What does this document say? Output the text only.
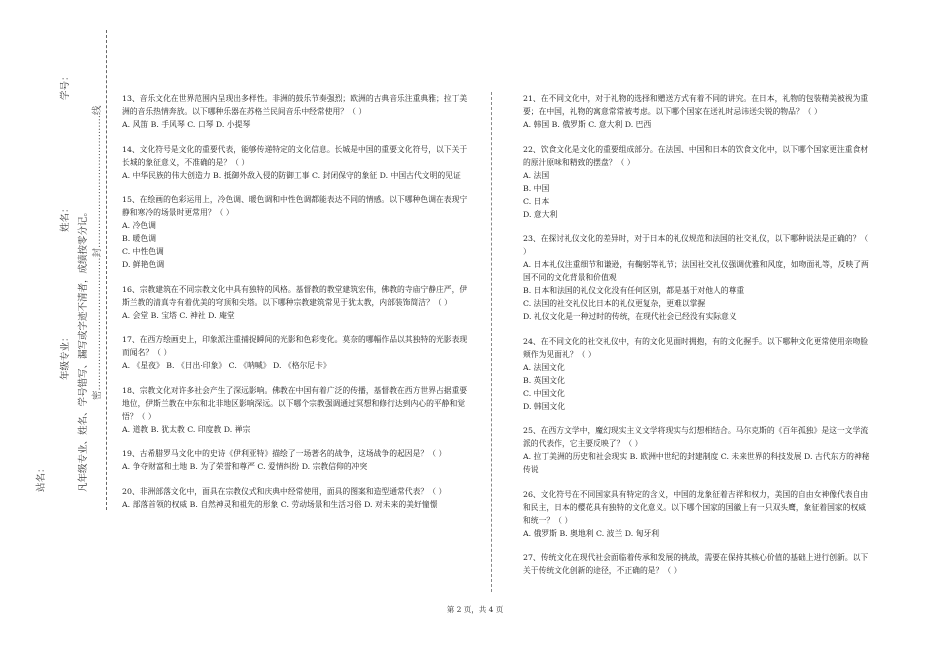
站名：
年级专业：
姓名：
学号：
凡年级专业、姓名、学号错写、漏写或字迹不清者，成绩按零分记。 密……………………………………封……………………………………线

13、音乐文化在世界范围内呈现出多样性。非洲的鼓乐节奏强烈；欧洲的古典音乐注重典雅；拉丁美洲的音乐热情奔放。以下哪种乐器在苏格兰民间音乐中经常使用？（ ）

A. 风笛 B. 手风琴 C. 口琴 D. 小提琴

14、文化符号是文化的重要代表，能够传递特定的文化信息。长城是中国的重要文化符号，以下关于长城的象征意义，不准确的是？（ ）

A. 中华民族的伟大创造力 B. 抵御外敌入侵的防御工事 C. 封闭保守的象征 D. 中国古代文明的见证

15、在绘画的色彩运用上，冷色调、暖色调和中性色调都能表达不同的情感。以下哪种色调在表现宁静和寒冷的场景时更常用？（ ）

A. 冷色调

B. 暖色调

C. 中性色调

D. 鲜艳色调

16、宗教建筑在不同宗教文化中具有独特的风格。基督教的教堂建筑宏伟，佛教的寺庙宁静庄严，伊斯兰教的清真寺有着优美的穹顶和尖塔。以下哪种宗教建筑常见于犹太教，内部装饰简洁？（ ）

A. 会堂 B. 宝塔 C. 神社 D. 庵堂

17、在西方绘画史上，印象派注重捕捉瞬间的光影和色彩变化。莫奈的哪幅作品以其独特的光影表现而闻名？（ ）

A. 《星夜》 B. 《日出·印象》 C. 《呐喊》 D. 《格尔尼卡》

18、宗教文化对许多社会产生了深远影响。佛教在中国有着广泛的传播，基督教在西方世界占据重要地位，伊斯兰教在中东和北非地区影响深远。以下哪个宗教强调通过冥想和修行达到内心的平静和觉悟？（ ）

A. 道教 B. 犹太教 C. 印度教 D. 禅宗

19、古希腊罗马文化中的史诗《伊利亚特》描绘了一场著名的战争，这场战争的起因是？（ ）

A. 争夺财富和土地 B. 为了荣誉和尊严 C. 爱情纠纷 D. 宗教信仰的冲突

20、非洲部落文化中，面具在宗教仪式和庆典中经常使用，面具的图案和造型通常代表？（ ）

A. 部落首领的权威 B. 自然神灵和祖先的形象 C. 劳动场景和生活习俗 D. 对未来的美好憧憬

21、在不同文化中，对于礼物的选择和赠送方式有着不同的讲究。在日本，礼物的包装精美被视为重要；在中国，礼物的寓意常常被考虑。以下哪个国家在送礼时忌讳送尖锐的物品？（ ）

A. 韩国 B. 俄罗斯 C. 意大利 D. 巴西

22、饮食文化是文化的重要组成部分。在法国、中国和日本的饮食文化中，以下哪个国家更注重食材的原汁原味和精致的摆盘？（ ）

A. 法国

B. 中国

C. 日本

D. 意大利

23、在探讨礼仪文化的差异时，对于日本的礼仪规范和法国的社交礼仪，以下哪种说法是正确的？（ ）

A. 日本礼仪注重细节和谦逊，有鞠躬等礼节；法国社交礼仪强调优雅和风度，如吻面礼等，反映了两国不同的文化背景和价值观

B. 日本和法国的礼仪文化没有任何区别，都是基于对他人的尊重

C. 法国的社交礼仪比日本的礼仪更复杂，更难以掌握

D. 礼仪文化是一种过时的传统，在现代社会已经没有实际意义

24、在不同文化的社交礼仪中，有的文化见面时拥抱，有的文化握手。以下哪种文化更常使用亲吻脸颊作为见面礼？（ ）

A. 法国文化

B. 英国文化

C. 中国文化

D. 韩国文化

25、在西方文学中，魔幻现实主义文学将现实与幻想相结合。马尔克斯的《百年孤独》是这一文学流派的代表作，它主要反映了？（ ）

A. 拉丁美洲的历史和社会现实 B. 欧洲中世纪的封建制度 C. 未来世界的科技发展 D. 古代东方的神秘传说

26、文化符号在不同国家具有特定的含义，中国的龙象征着吉祥和权力，美国的自由女神像代表自由和民主，日本的樱花具有独特的文化意义。以下哪个国家的国徽上有一只双头鹰，象征着国家的权威和统一？（ ）

A. 俄罗斯 B. 奥地利 C. 波兰 D. 匈牙利

27、传统文化在现代社会面临着传承和发展的挑战，需要在保持其核心价值的基础上进行创新。以下关于传统文化创新的途径，不正确的是？（ ）

第 2 页，共 4 页
